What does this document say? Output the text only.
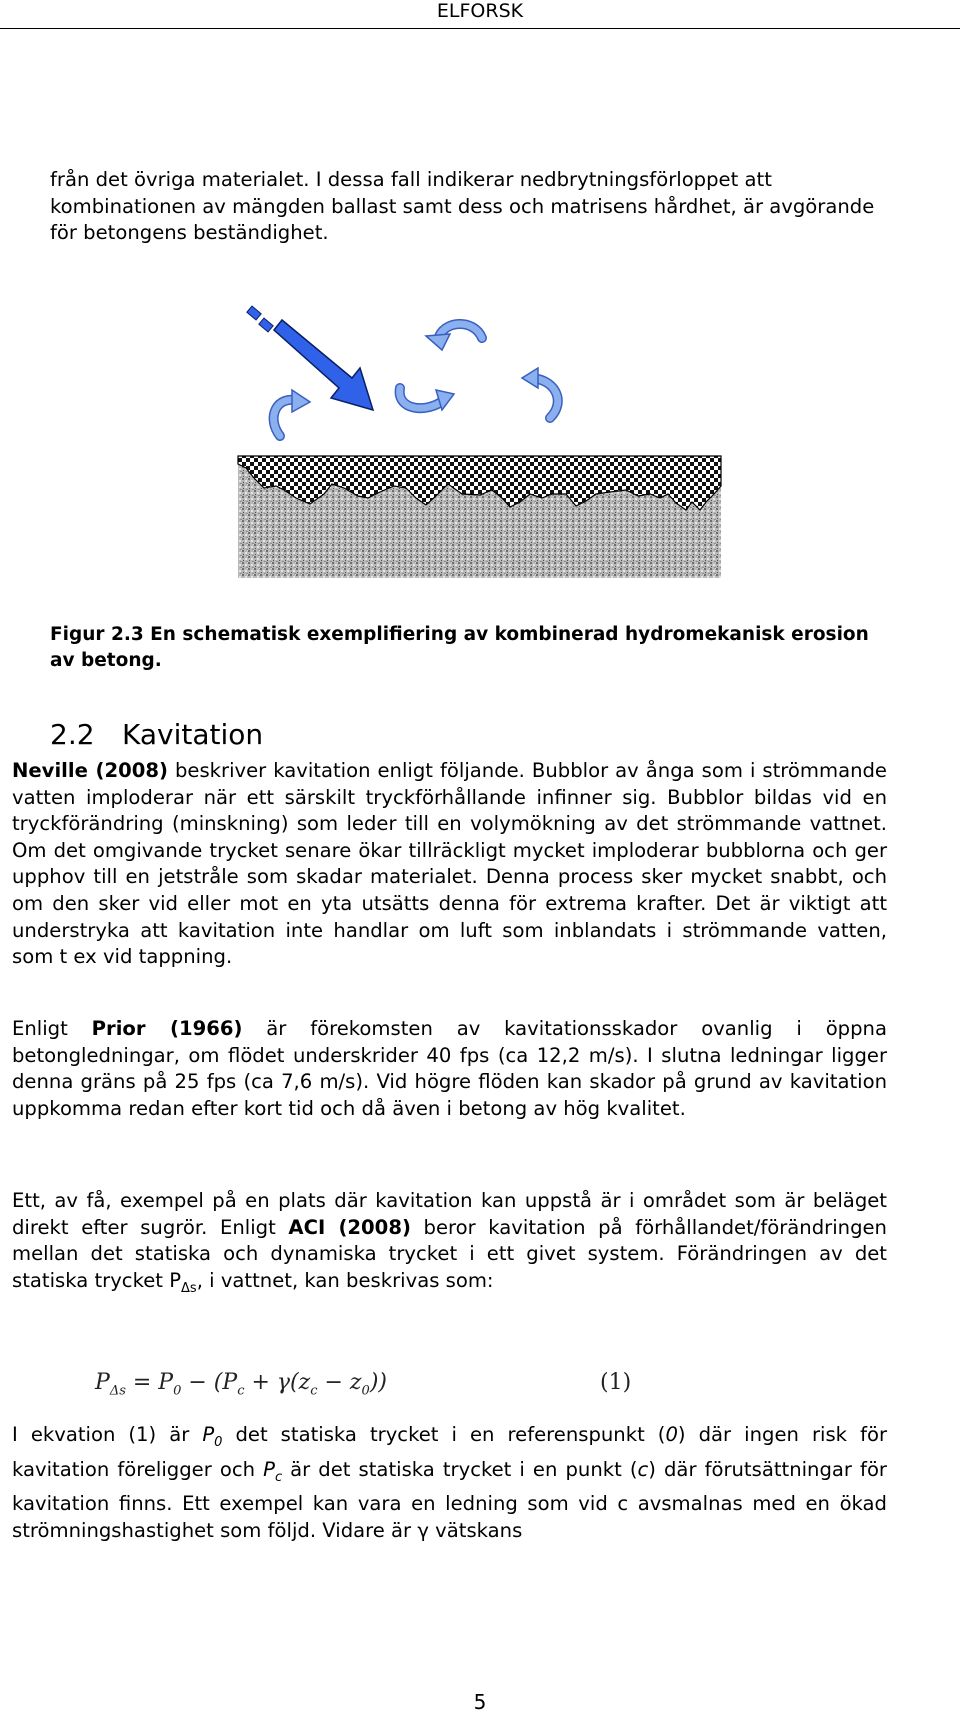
ELFORSK

från det övriga materialet. I dessa fall indikerar nedbrytningsförloppet att kombinationen av mängden ballast samt dess och matrisens hårdhet, är avgörande för betongens beständighet.

Figur 2.3 En schematisk exemplifiering av kombinerad hydromekanisk erosion av betong.

2.2 Kavitation

Neville (2008) beskriver kavitation enligt följande. Bubblor av ånga som i strömmande vatten imploderar när ett särskilt tryckförhållande infinner sig. Bubblor bildas vid en tryckförändring (minskning) som leder till en volymökning av det strömmande vattnet. Om det omgivande trycket senare ökar tillräckligt mycket imploderar bubblorna och ger upphov till en jetstråle som skadar materialet. Denna process sker mycket snabbt, och om den sker vid eller mot en yta utsätts denna för extrema krafter. Det är viktigt att understryka att kavitation inte handlar om luft som inblandats i strömmande vatten, som t ex vid tappning.

Enligt Prior (1966) är förekomsten av kavitationsskador ovanlig i öppna betongledningar, om flödet underskrider 40 fps (ca 12,2 m/s). I slutna ledningar ligger denna gräns på 25 fps (ca 7,6 m/s). Vid högre flöden kan skador på grund av kavitation uppkomma redan efter kort tid och då även i betong av hög kvalitet.

Ett, av få, exempel på en plats där kavitation kan uppstå är i området som är beläget direkt efter sugrör. Enligt ACI (2008) beror kavitation på förhållandet/förändringen mellan det statiska och dynamiska trycket i ett givet system. Förändringen av det statiska trycket $P_{\Delta s}$, i vattnet, kan beskrivas som:

$P_{\Delta s} = P_0 - (P_c + \gamma(z_c - z_0))$	(1)

I ekvation (1) är $P_0$ det statiska trycket i en referenspunkt (0) där ingen risk för kavitation föreligger och $P_c$ är det statiska trycket i en punkt (c) där förutsättningar för kavitation finns. Ett exempel kan vara en ledning som vid c avsmalnas med en ökad strömningshastighet som följd. Vidare är γ vätskans

5
